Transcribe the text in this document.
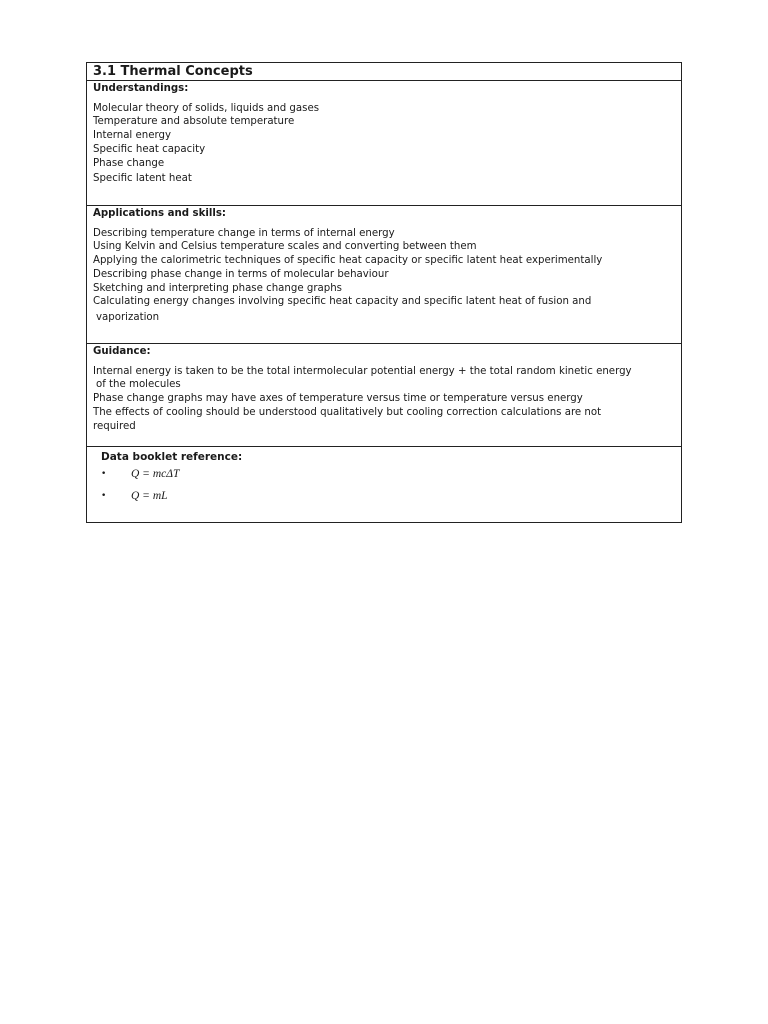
3.1 Thermal Concepts
Understandings:
Molecular theory of solids, liquids and gases
Temperature and absolute temperature
Internal energy
Specific heat capacity
Phase change
Specific latent heat
Applications and skills:
Describing temperature change in terms of internal energy
Using Kelvin and Celsius temperature scales and converting between them
Applying the calorimetric techniques of specific heat capacity or specific latent heat experimentally
Describing phase change in terms of molecular behaviour
Sketching and interpreting phase change graphs
Calculating energy changes involving specific heat capacity and specific latent heat of fusion and
vaporization
Guidance:
Internal energy is taken to be the total intermolecular potential energy + the total random kinetic energy
of the molecules
Phase change graphs may have axes of temperature versus time or temperature versus energy
The effects of cooling should be understood qualitatively but cooling correction calculations are not
required
Data booklet reference:
•	Q = mcΔT
•	Q = mL
